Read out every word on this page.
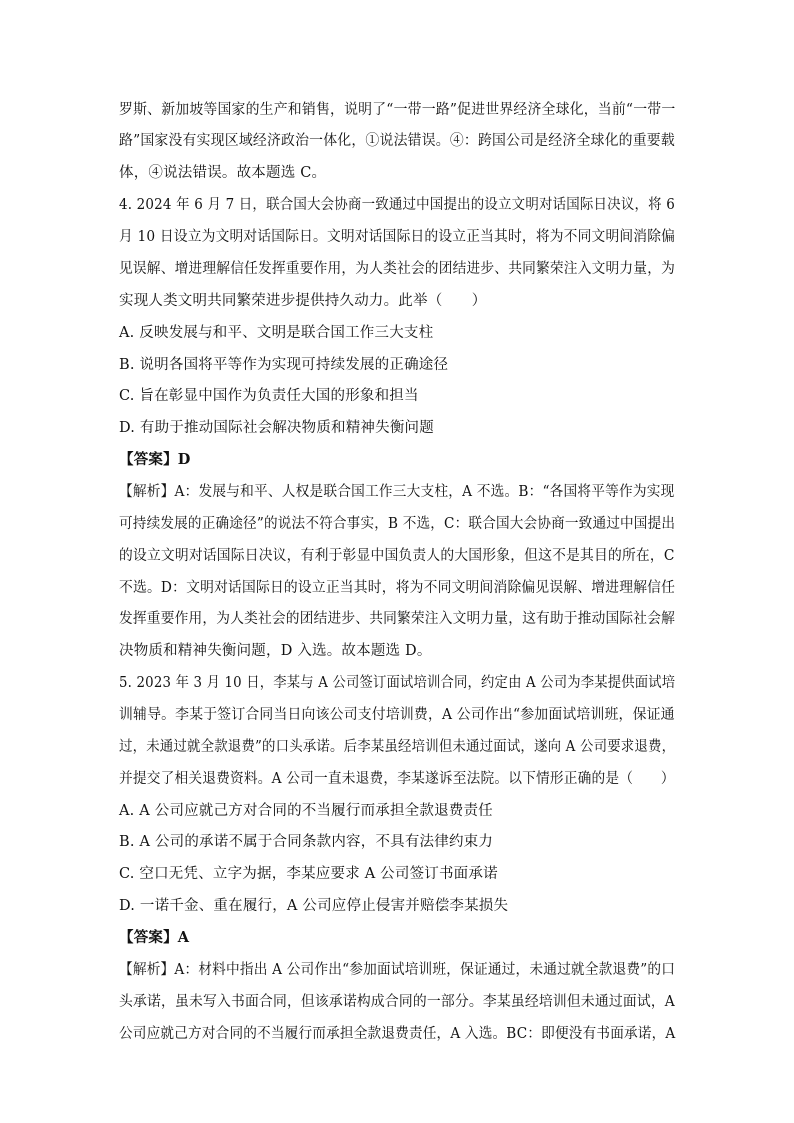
罗斯、新加坡等国家的生产和销售，说明了“一带一路”促进世界经济全球化，当前“一带一
路”国家没有实现区域经济政治一体化，①说法错误。④：跨国公司是经济全球化的重要载
体，④说法错误。故本题选 C。
4. 2024 年 6 月 7 日，联合国大会协商一致通过中国提出的设立文明对话国际日决议，将 6
月 10 日设立为文明对话国际日。文明对话国际日的设立正当其时，将为不同文明间消除偏
见误解、增进理解信任发挥重要作用，为人类社会的团结进步、共同繁荣注入文明力量，为
实现人类文明共同繁荣进步提供持久动力。此举（　　）
A. 反映发展与和平、文明是联合国工作三大支柱
B. 说明各国将平等作为实现可持续发展的正确途径
C. 旨在彰显中国作为负责任大国的形象和担当
D. 有助于推动国际社会解决物质和精神失衡问题
【答案】D
【解析】A：发展与和平、人权是联合国工作三大支柱，A 不选。B：“各国将平等作为实现
可持续发展的正确途径”的说法不符合事实，B 不选，C：联合国大会协商一致通过中国提出
的设立文明对话国际日决议，有利于彰显中国负责人的大国形象，但这不是其目的所在，C
不选。D：文明对话国际日的设立正当其时，将为不同文明间消除偏见误解、增进理解信任
发挥重要作用，为人类社会的团结进步、共同繁荣注入文明力量，这有助于推动国际社会解
决物质和精神失衡问题，D 入选。故本题选 D。
5. 2023 年 3 月 10 日，李某与 A 公司签订面试培训合同，约定由 A 公司为李某提供面试培
训辅导。李某于签订合同当日向该公司支付培训费，A 公司作出“参加面试培训班，保证通
过，未通过就全款退费”的口头承诺。后李某虽经培训但未通过面试，遂向 A 公司要求退费，
并提交了相关退费资料。A 公司一直未退费，李某遂诉至法院。以下情形正确的是（　　）
A. A 公司应就己方对合同的不当履行而承担全款退费责任
B. A 公司的承诺不属于合同条款内容，不具有法律约束力
C. 空口无凭、立字为据，李某应要求 A 公司签订书面承诺
D. 一诺千金、重在履行，A 公司应停止侵害并赔偿李某损失
【答案】A
【解析】A：材料中指出 A 公司作出“参加面试培训班，保证通过，未通过就全款退费”的口
头承诺，虽未写入书面合同，但该承诺构成合同的一部分。李某虽经培训但未通过面试，A
公司应就己方对合同的不当履行而承担全款退费责任，A 入选。BC：即便没有书面承诺，A
